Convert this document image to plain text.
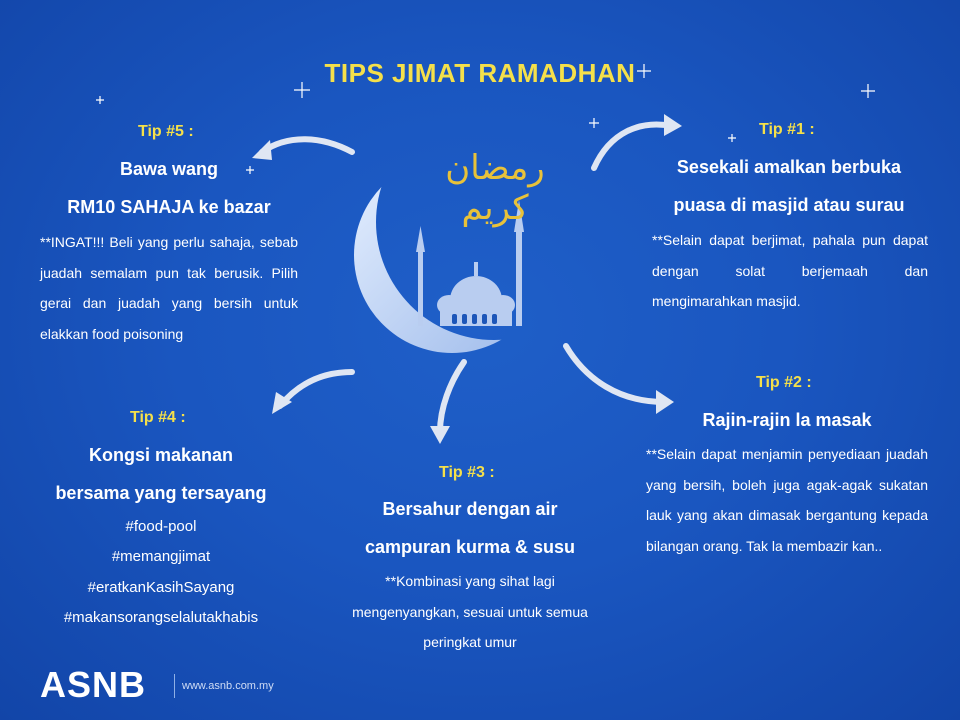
TIPS JIMAT RAMADHAN
رمضان كريم
Tip #5 :
Bawa wang
RM10 SAHAJA ke bazar
**INGAT!!! Beli yang perlu sahaja, sebab juadah semalam pun tak berusik. Pilih gerai dan juadah yang bersih untuk elakkan food poisoning
Tip #1 :
Sesekali amalkan berbuka
puasa di masjid atau surau
**Selain dapat berjimat, pahala pun dapat dengan solat berjemaah dan mengimarahkan masjid.
Tip #2 :
Rajin-rajin la masak
**Selain dapat menjamin penyediaan juadah yang bersih, boleh juga agak-agak sukatan lauk yang akan dimasak bergantung kepada bilangan orang. Tak la membazir kan..
Tip #4 :
Kongsi makanan
bersama yang tersayang
#food-pool
#memangjimat
#eratkanKasihSayang
#makansorangselalutakhabis
Tip #3 :
Bersahur dengan air
campuran kurma & susu
**Kombinasi yang sihat lagi mengenyangkan, sesuai untuk semua peringkat umur
ASNB	www.asnb.com.my
